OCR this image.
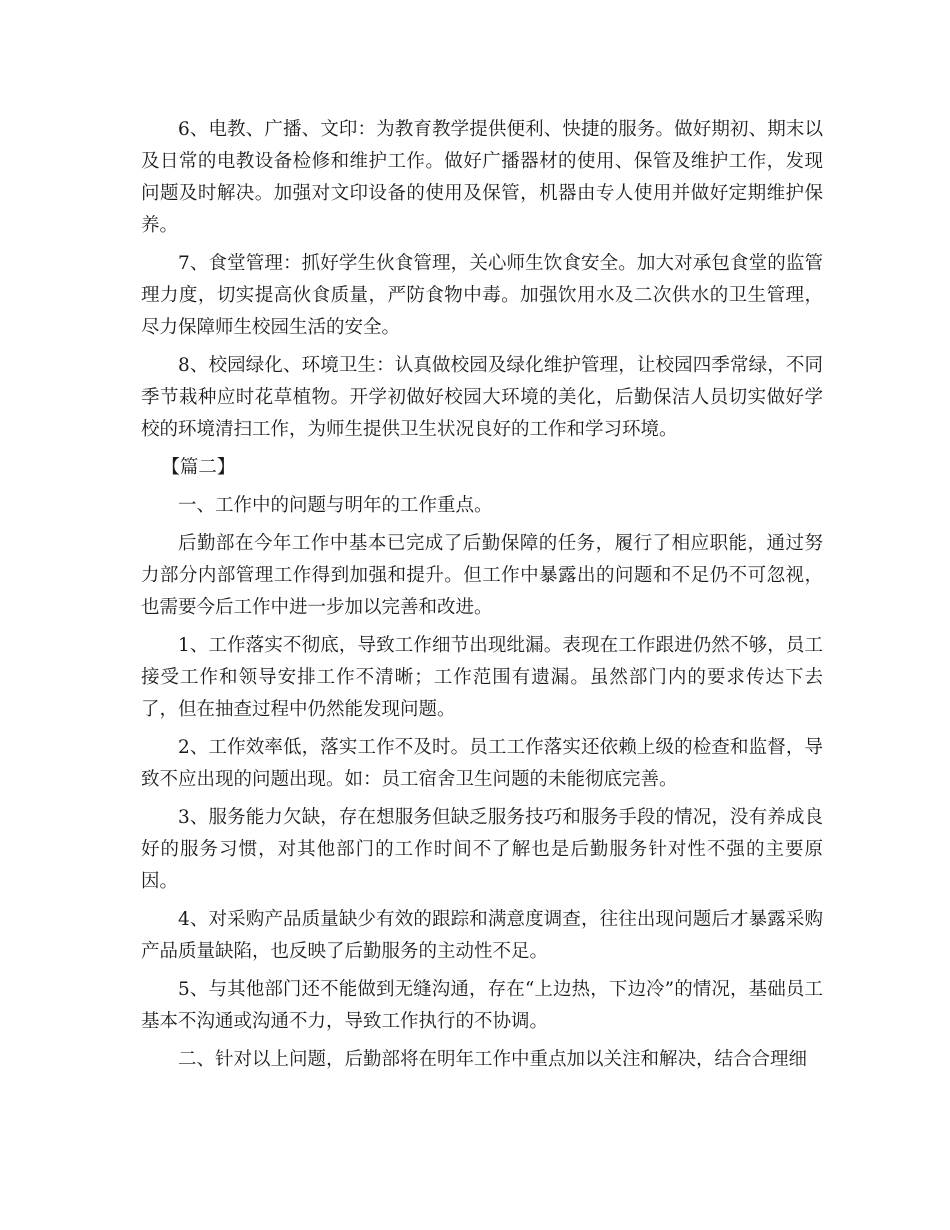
6、电教、广播、文印：为教育教学提供便利、快捷的服务。做好期初、期末以及日常的电教设备检修和维护工作。做好广播器材的使用、保管及维护工作，发现问题及时解决。加强对文印设备的使用及保管，机器由专人使用并做好定期维护保养。

7、食堂管理：抓好学生伙食管理，关心师生饮食安全。加大对承包食堂的监管理力度，切实提高伙食质量，严防食物中毒。加强饮用水及二次供水的卫生管理，尽力保障师生校园生活的安全。

8、校园绿化、环境卫生：认真做校园及绿化维护管理，让校园四季常绿，不同季节栽种应时花草植物。开学初做好校园大环境的美化，后勤保洁人员切实做好学校的环境清扫工作，为师生提供卫生状况良好的工作和学习环境。

【篇二】

一、工作中的问题与明年的工作重点。

后勤部在今年工作中基本已完成了后勤保障的任务，履行了相应职能，通过努力部分内部管理工作得到加强和提升。但工作中暴露出的问题和不足仍不可忽视，也需要今后工作中进一步加以完善和改进。

1、工作落实不彻底，导致工作细节出现纰漏。表现在工作跟进仍然不够，员工接受工作和领导安排工作不清晰；工作范围有遗漏。虽然部门内的要求传达下去了，但在抽查过程中仍然能发现问题。

2、工作效率低，落实工作不及时。员工工作落实还依赖上级的检查和监督，导致不应出现的问题出现。如：员工宿舍卫生问题的未能彻底完善。

3、服务能力欠缺，存在想服务但缺乏服务技巧和服务手段的情况，没有养成良好的服务习惯，对其他部门的工作时间不了解也是后勤服务针对性不强的主要原因。

4、对采购产品质量缺少有效的跟踪和满意度调查，往往出现问题后才暴露采购产品质量缺陷，也反映了后勤服务的主动性不足。

5、与其他部门还不能做到无缝沟通，存在“上边热，下边冷”的情况，基础员工基本不沟通或沟通不力，导致工作执行的不协调。

二、针对以上问题，后勤部将在明年工作中重点加以关注和解决，结合合理细
